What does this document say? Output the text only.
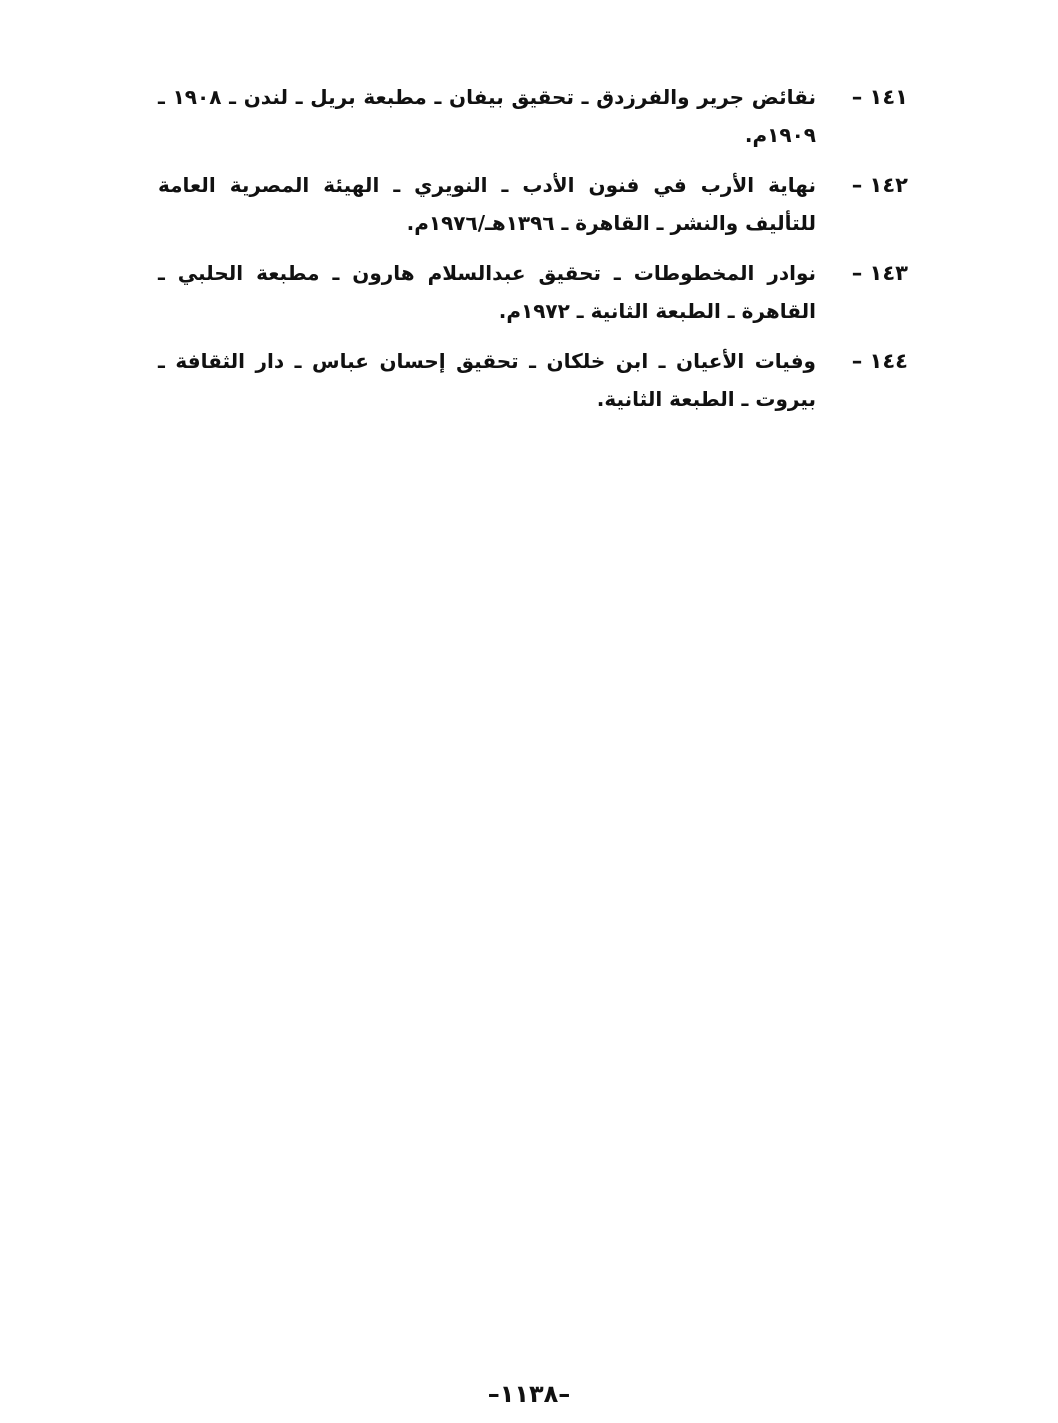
١٤١ –
نقائض جرير والفرزدق ـ تحقيق بيفان ـ مطبعة بريل ـ لندن ـ ١٩٠٨ ـ ١٩٠٩م.
١٤٢ –
نهاية الأرب في فنون الأدب ـ النويري ـ الهيئة المصرية العامة للتأليف والنشر ـ القاهرة ـ ١٣٩٦هـ/١٩٧٦م.
١٤٣ –
نوادر المخطوطات ـ تحقيق عبدالسلام هارون ـ مطبعة الحلبي ـ القاهرة ـ الطبعة الثانية ـ ١٩٧٢م.
١٤٤ –
وفيات الأعيان ـ ابن خلكان ـ تحقيق إحسان عباس ـ دار الثقافة ـ بيروت ـ الطبعة الثانية.
–١١٣٨–
